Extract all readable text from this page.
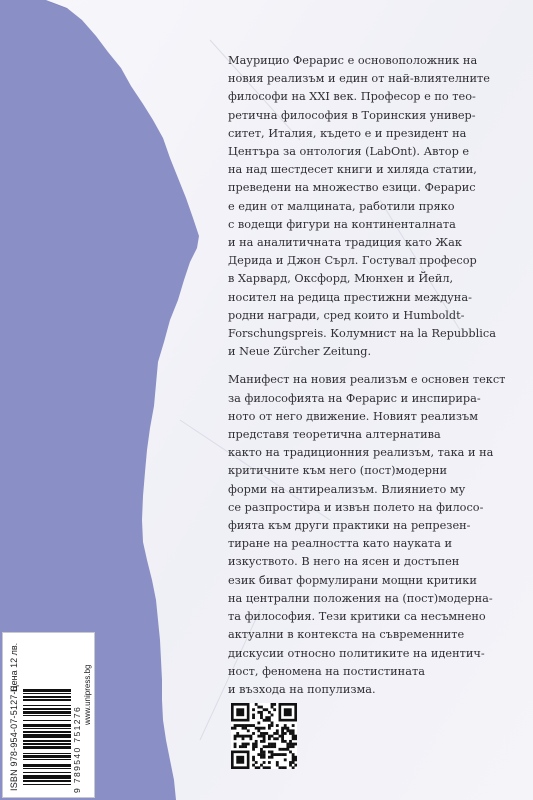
Маурицио Ферарис е основоположник на
новия реализъм и един от най-влиятелните
философи на XXI век. Професор е по тео-
ретична философия в Торинския универ-
ситет, Италия, където е и президент на
Центъра за онтология (LabOnt). Автор е
на над шестдесет книги и хиляда статии,
преведени на множество езици. Ферарис
е един от малцината, работили пряко
с водещи фигури на континенталната
и на аналитичната традиция като Жак
Дерида и Джон Сърл. Гостувал професор
в Харвард, Оксфорд, Мюнхен и Йейл,
носител на редица престижни междуна-
родни награди, сред които и Humboldt-
Forschungspreis. Колумнист на la Repubblica
и Neue Zürcher Zeitung.

Манифест на новия реализъм е основен текст
за философията на Ферарис и инспирира-
ното от него движение. Новият реализъм
представя теоретична алтернатива
както на традиционния реализъм, така и на
критичните към него (пост)модерни
форми на антиреализъм. Влиянието му
се разпростира и извън полето на филосо-
фията към други практики на репрезен-
тиране на реалността като науката и
изкуството. В него на ясен и достъпен
език биват формулирани мощни критики
на централни положения на (пост)модерна-
та философия. Тези критики са несъмнено
актуални в контекста на съвременните
дискусии относно политиките на идентич-
ност, феномена на постистината
и възхода на популизма.

ISBN 978-954-07-5127-6
Цена 12 лв.
9 789540 751276
www.unipress.bg
